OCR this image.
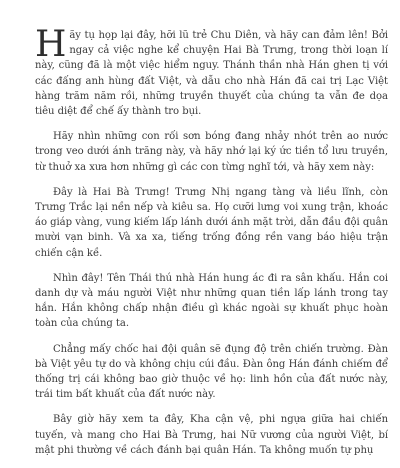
Hãy tụ họp lại đây, hỡi lũ trẻ Chu Diên, và hãy can đảm lên! Bởi ngay cả việc nghe kể chuyện Hai Bà Trưng, trong thời loạn lí này, cũng đã là một việc hiểm nguy. Thánh thần nhà Hán ghen tị với các đấng anh hùng đất Việt, và dẫu cho nhà Hán đã cai trị Lạc Việt hàng trăm năm rồi, những truyền thuyết của chúng ta vẫn đe dọa tiêu diệt để chế ấy thành tro bụi.

Hãy nhìn những con rối sơn bóng đang nhảy nhót trên ao nước trong veo dưới ánh trăng này, và hãy nhớ lại ký ức tiền tổ lưu truyền, từ thuở xa xưa hơn những gì các con từng nghĩ tới, và hãy xem này:

Đây là Hai Bà Trưng! Trưng Nhị ngang tàng và liều lĩnh, còn Trưng Trắc lại nền nếp và kiêu sa. Họ cưỡi lưng voi xung trận, khoác áo giáp vàng, vung kiếm lấp lánh dưới ánh mặt trời, dẫn đầu đội quân mười vạn binh. Và xa xa, tiếng trống đồng rền vang báo hiệu trận chiến cận kề.

Nhìn đây! Tên Thái thú nhà Hán hung ác đi ra sân khấu. Hắn coi danh dự và máu người Việt như những quan tiền lấp lánh trong tay hắn. Hắn không chấp nhận điều gì khác ngoài sự khuất phục hoàn toàn của chúng ta.

Chẳng mấy chốc hai đội quân sẽ đụng độ trên chiến trường. Đàn bà Việt yêu tự do và không chịu cúi đầu. Đàn ông Hán đánh chiếm để thống trị cái không bao giờ thuộc về họ: linh hồn của đất nước này, trái tim bất khuất của đất nước này.

Bây giờ hãy xem ta đây, Kha cận vệ, phi ngựa giữa hai chiến tuyến, và mang cho Hai Bà Trưng, hai Nữ vương của người Việt, bí mật phi thường về cách đánh bại quân Hán. Ta không muốn tự phụ
